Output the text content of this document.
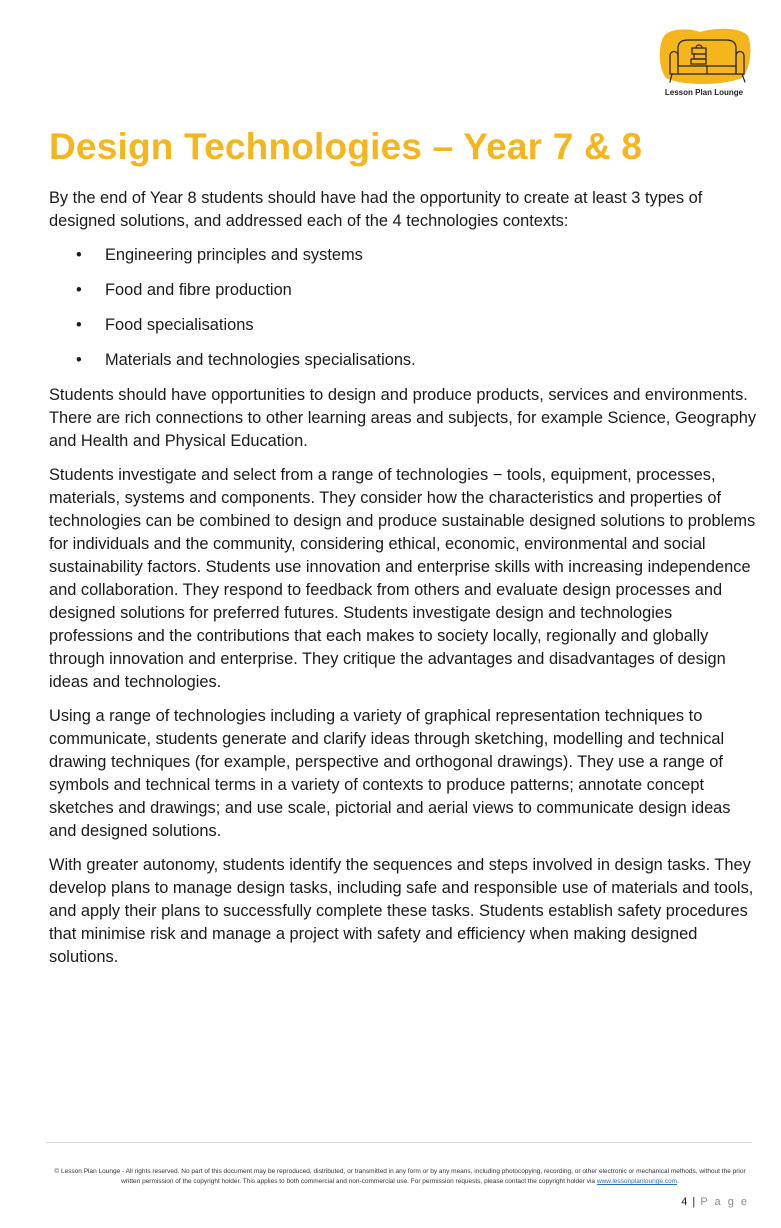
Lesson Plan Lounge
Design Technologies – Year 7 & 8

By the end of Year 8 students should have had the opportunity to create at least 3 types of designed solutions, and addressed each of the 4 technologies contexts:

• Engineering principles and systems
• Food and fibre production
• Food specialisations
• Materials and technologies specialisations.

Students should have opportunities to design and produce products, services and environments. There are rich connections to other learning areas and subjects, for example Science, Geography and Health and Physical Education.

Students investigate and select from a range of technologies − tools, equipment, processes, materials, systems and components. They consider how the characteristics and properties of technologies can be combined to design and produce sustainable designed solutions to problems for individuals and the community, considering ethical, economic, environmental and social sustainability factors. Students use innovation and enterprise skills with increasing independence and collaboration. They respond to feedback from others and evaluate design processes and designed solutions for preferred futures. Students investigate design and technologies professions and the contributions that each makes to society locally, regionally and globally through innovation and enterprise. They critique the advantages and disadvantages of design ideas and technologies.

Using a range of technologies including a variety of graphical representation techniques to communicate, students generate and clarify ideas through sketching, modelling and technical drawing techniques (for example, perspective and orthogonal drawings). They use a range of symbols and technical terms in a variety of contexts to produce patterns; annotate concept sketches and drawings; and use scale, pictorial and aerial views to communicate design ideas and designed solutions.

With greater autonomy, students identify the sequences and steps involved in design tasks. They develop plans to manage design tasks, including safe and responsible use of materials and tools, and apply their plans to successfully complete these tasks. Students establish safety procedures that minimise risk and manage a project with safety and efficiency when making designed solutions.

© Lesson Plan Lounge - All rights reserved. No part of this document may be reproduced, distributed, or transmitted in any form or by any means, including photocopying, recording, or other electronic or mechanical methods, without the prior written permission of the copyright holder. This applies to both commercial and non-commercial use. For permission requests, please contact the copyright holder via www.lessonplanlounge.com.
4 | P a g e
